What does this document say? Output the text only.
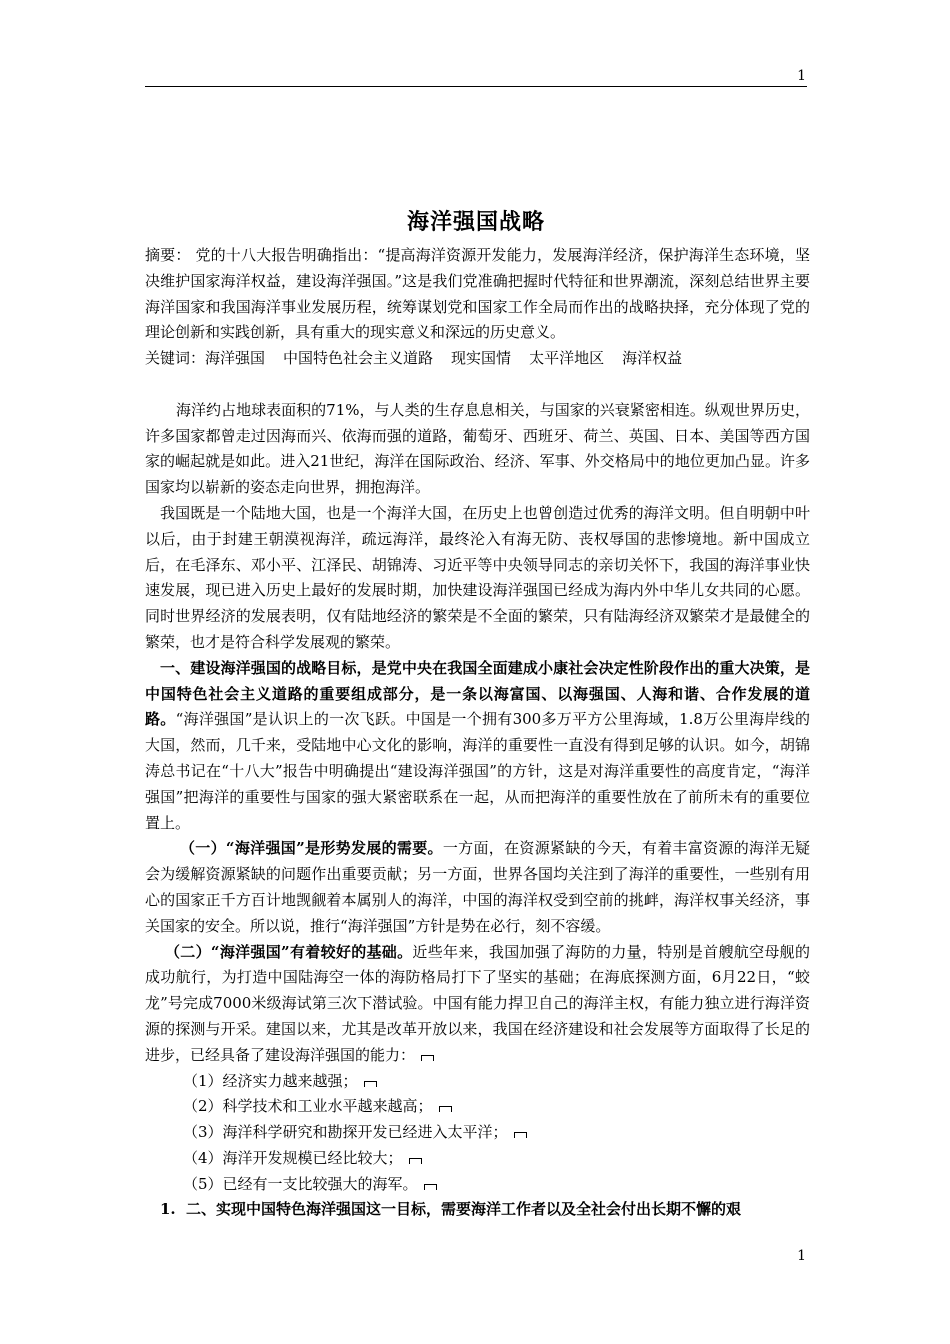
1
海洋强国战略

摘要： 党的十八大报告明确指出：“提高海洋资源开发能力，发展海洋经济，保护海洋生态环境，坚决维护国家海洋权益，建设海洋强国。”这是我们党准确把握时代特征和世界潮流，深刻总结世界主要海洋国家和我国海洋事业发展历程，统筹谋划党和国家工作全局而作出的战略抉择，充分体现了党的理论创新和实践创新，具有重大的现实意义和深远的历史意义。

关键词：海洋强国 中国特色社会主义道路 现实国情 太平洋地区 海洋权益

海洋约占地球表面积的71%，与人类的生存息息相关，与国家的兴衰紧密相连。纵观世界历史，许多国家都曾走过因海而兴、依海而强的道路，葡萄牙、西班牙、荷兰、英国、日本、美国等西方国家的崛起就是如此。进入21世纪，海洋在国际政治、经济、军事、外交格局中的地位更加凸显。许多国家均以崭新的姿态走向世界，拥抱海洋。

我国既是一个陆地大国，也是一个海洋大国，在历史上也曾创造过优秀的海洋文明。但自明朝中叶以后，由于封建王朝漠视海洋，疏远海洋，最终沦入有海无防、丧权辱国的悲惨境地。新中国成立后，在毛泽东、邓小平、江泽民、胡锦涛、习近平等中央领导同志的亲切关怀下，我国的海洋事业快速发展，现已进入历史上最好的发展时期，加快建设海洋强国已经成为海内外中华儿女共同的心愿。同时世界经济的发展表明，仅有陆地经济的繁荣是不全面的繁荣，只有陆海经济双繁荣才是最健全的繁荣，也才是符合科学发展观的繁荣。

一、建设海洋强国的战略目标，是党中央在我国全面建成小康社会决定性阶段作出的重大决策，是中国特色社会主义道路的重要组成部分，是一条以海富国、以海强国、人海和谐、合作发展的道路。“海洋强国”是认识上的一次飞跃。中国是一个拥有300多万平方公里海域，1.8万公里海岸线的大国，然而，几千来，受陆地中心文化的影响，海洋的重要性一直没有得到足够的认识。如今，胡锦涛总书记在“十八大”报告中明确提出“建设海洋强国”的方针，这是对海洋重要性的高度肯定，“海洋强国”把海洋的重要性与国家的强大紧密联系在一起，从而把海洋的重要性放在了前所未有的重要位置上。

（一）“海洋强国”是形势发展的需要。一方面，在资源紧缺的今天，有着丰富资源的海洋无疑会为缓解资源紧缺的问题作出重要贡献；另一方面，世界各国均关注到了海洋的重要性，一些别有用心的国家正千方百计地觊觎着本属别人的海洋，中国的海洋权受到空前的挑衅，海洋权事关经济，事关国家的安全。所以说，推行“海洋强国”方针是势在必行，刻不容缓。

（二）“海洋强国”有着较好的基础。近些年来，我国加强了海防的力量，特别是首艘航空母舰的成功航行，为打造中国陆海空一体的海防格局打下了坚实的基础；在海底探测方面，6月22日，“蛟龙”号完成7000米级海试第三次下潜试验。中国有能力捍卫自己的海洋主权，有能力独立进行海洋资源的探测与开采。建国以来，尤其是改革开放以来，我国在经济建设和社会发展等方面取得了长足的进步，已经具备了建设海洋强国的能力：

（1）经济实力越来越强；

（2）科学技术和工业水平越来越高；

（3）海洋科学研究和勘探开发已经进入太平洋；

（4）海洋开发规模已经比较大；

（5）已经有一支比较强大的海军。

1. 二、实现中国特色海洋强国这一目标，需要海洋工作者以及全社会付出长期不懈的艰

1
